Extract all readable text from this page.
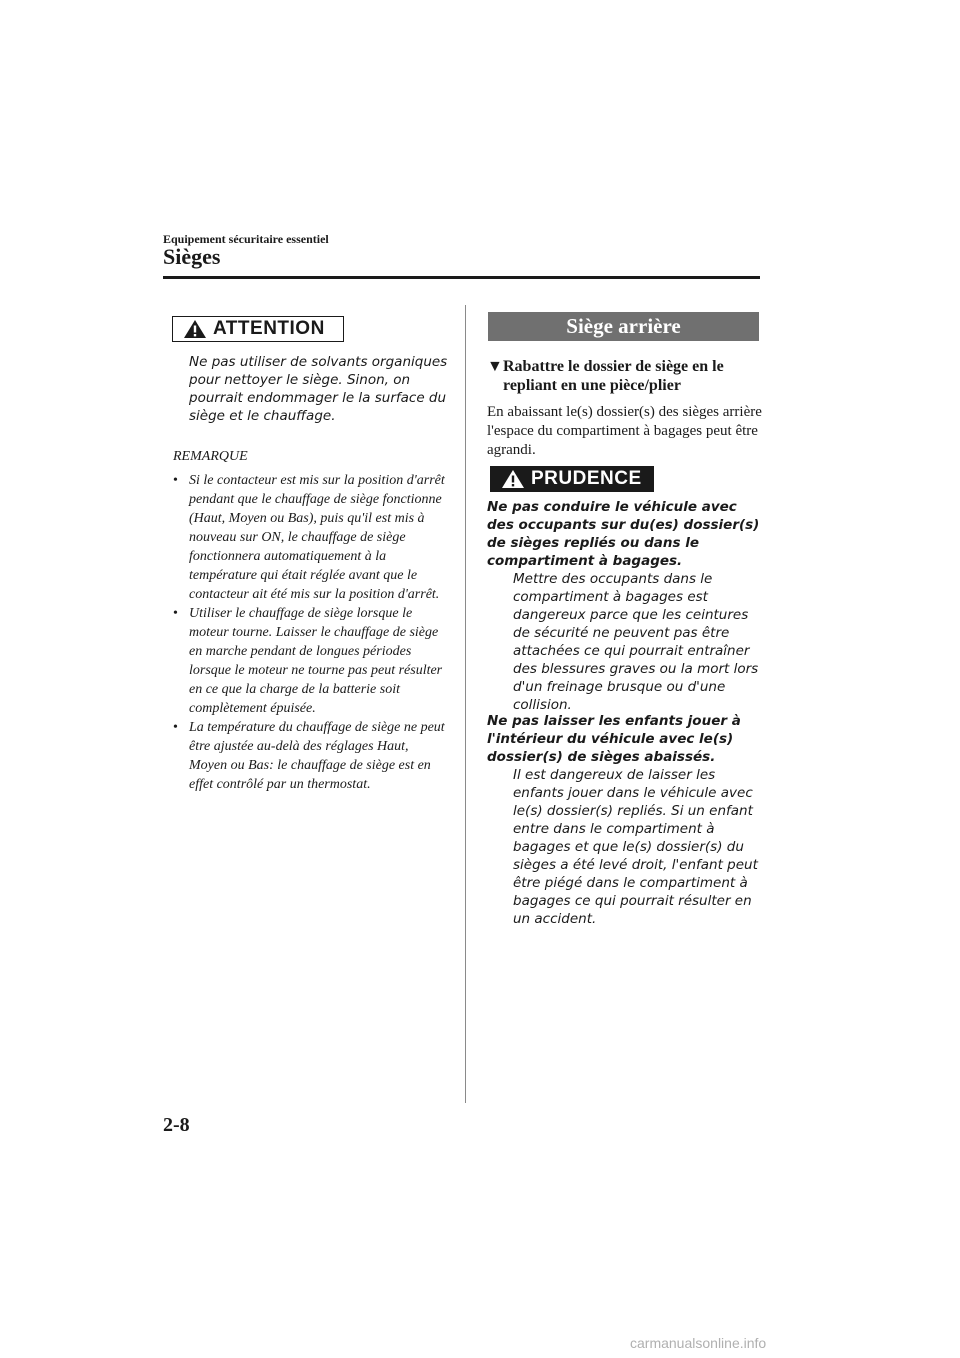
Equipement sécuritaire essentiel
Sièges
ATTENTION
Ne pas utiliser de solvants organiques pour nettoyer le siège. Sinon, on pourrait endommager le la surface du siège et le chauffage.
REMARQUE
• Si le contacteur est mis sur la position d'arrêt pendant que le chauffage de siège fonctionne (Haut, Moyen ou Bas), puis qu'il est mis à nouveau sur ON, le chauffage de siège fonctionnera automatiquement à la température qui était réglée avant que le contacteur ait été mis sur la position d'arrêt.
• Utiliser le chauffage de siège lorsque le moteur tourne. Laisser le chauffage de siège en marche pendant de longues périodes lorsque le moteur ne tourne pas peut résulter en ce que la charge de la batterie soit complètement épuisée.
• La température du chauffage de siège ne peut être ajustée au-delà des réglages Haut, Moyen ou Bas: le chauffage de siège est en effet contrôlé par un thermostat.
Siège arrière
▼Rabattre le dossier de siège en le
repliant en une pièce/plier
En abaissant le(s) dossier(s) des sièges arrière l'espace du compartiment à bagages peut être agrandi.
PRUDENCE
Ne pas conduire le véhicule avec des occupants sur du(es) dossier(s) de sièges repliés ou dans le compartiment à bagages.
Mettre des occupants dans le compartiment à bagages est dangereux parce que les ceintures de sécurité ne peuvent pas être attachées ce qui pourrait entraîner des blessures graves ou la mort lors d'un freinage brusque ou d'une collision.
Ne pas laisser les enfants jouer à l'intérieur du véhicule avec le(s) dossier(s) de sièges abaissés.
Il est dangereux de laisser les enfants jouer dans le véhicule avec le(s) dossier(s) repliés. Si un enfant entre dans le compartiment à bagages et que le(s) dossier(s) du sièges a été levé droit, l'enfant peut être piégé dans le compartiment à bagages ce qui pourrait résulter en un accident.
2-8
carmanualsonline.info
